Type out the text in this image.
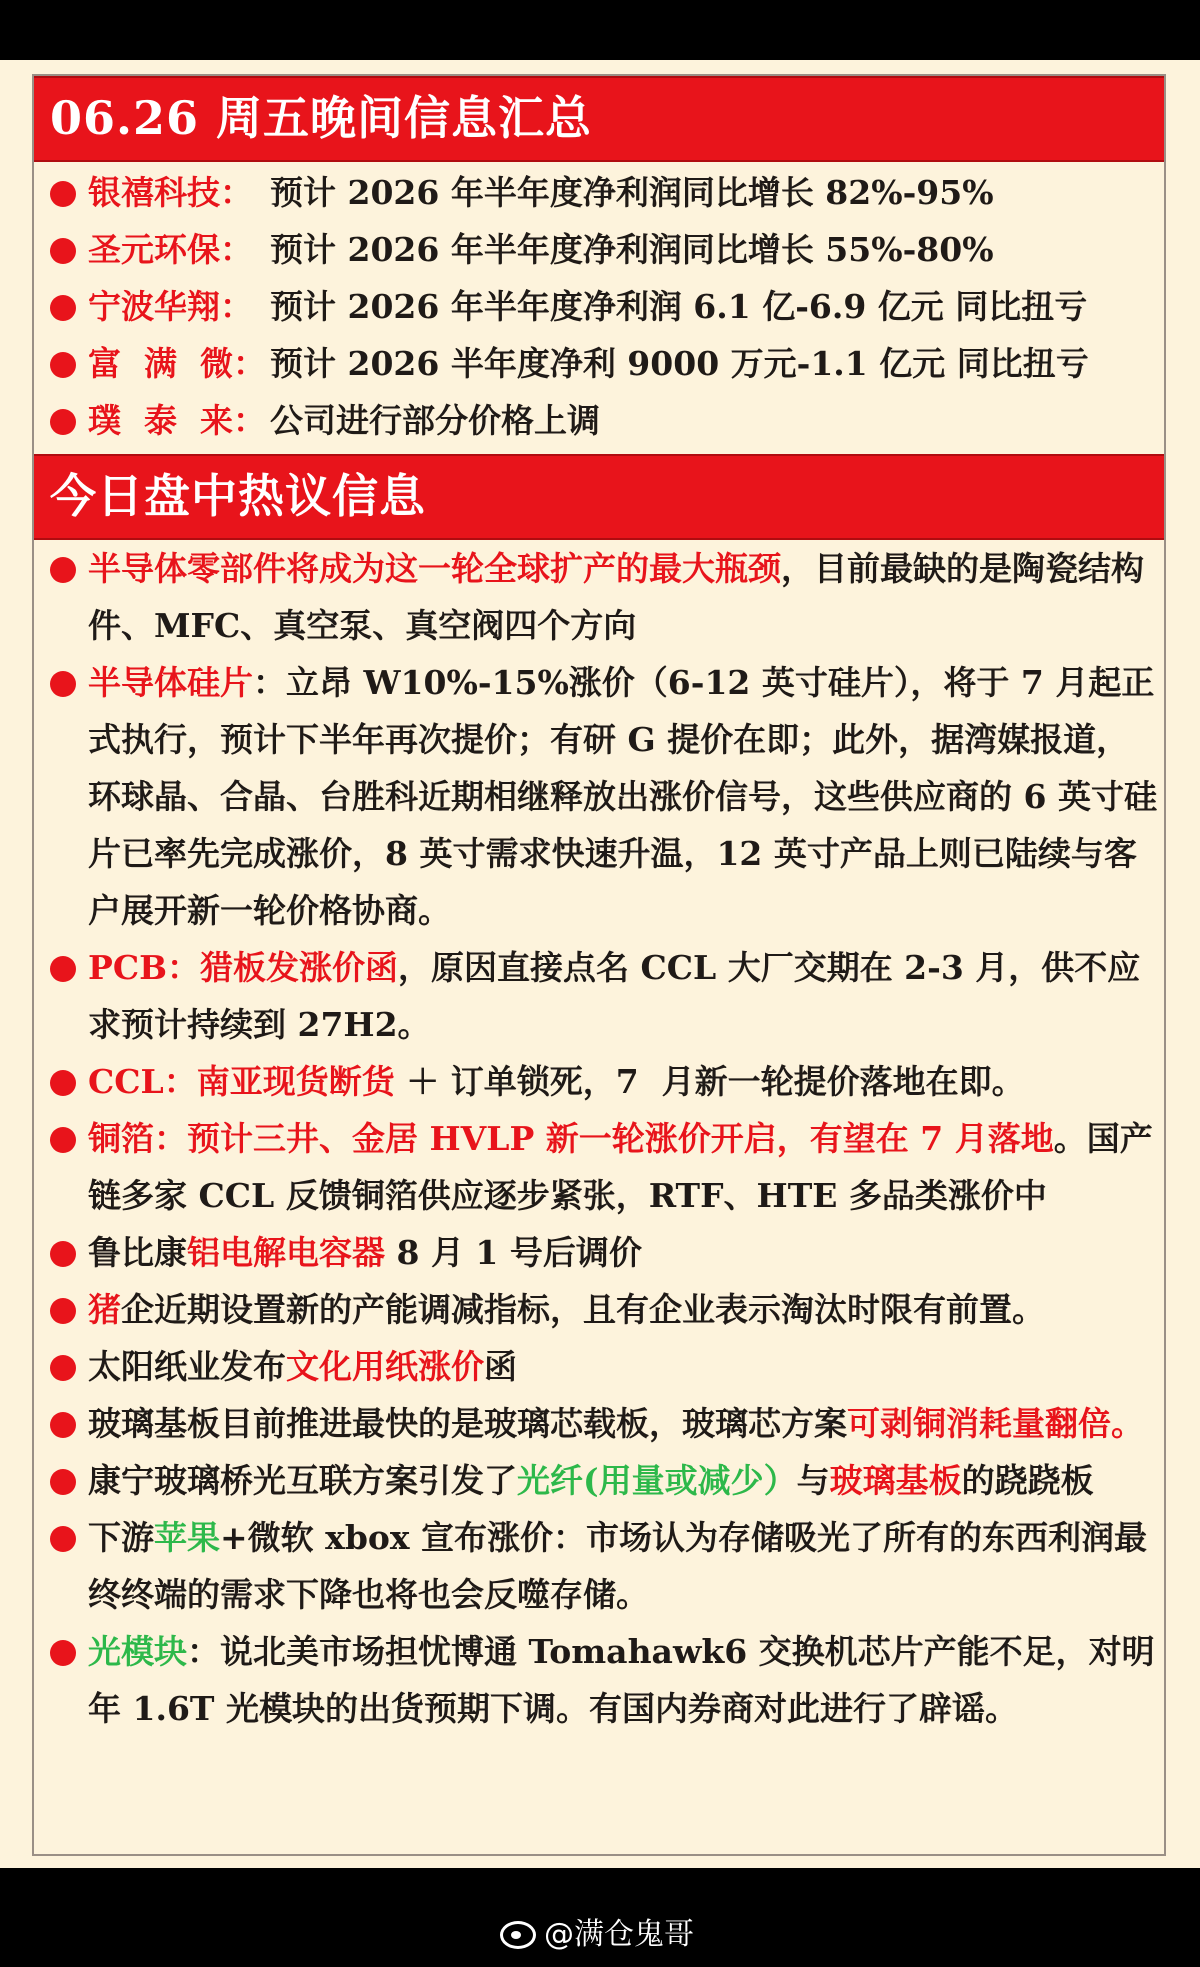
06.26 周五晚间信息汇总
银禧科技： 预计 2026 年半年度净利润同比增长 82%-95%
圣元环保： 预计 2026 年半年度净利润同比增长 55%-80%
宁波华翔： 预计 2026 年半年度净利润 6.1 亿-6.9 亿元 同比扭亏
富  满  微： 预计 2026 半年度净利 9000 万元-1.1 亿元 同比扭亏
璞  泰  来： 公司进行部分价格上调
今日盘中热议信息
半导体零部件将成为这一轮全球扩产的最大瓶颈，目前最缺的是陶瓷结构件、MFC、真空泵、真空阀四个方向
半导体硅片：立昂 W10%-15%涨价（6-12 英寸硅片），将于 7 月起正式执行，预计下半年再次提价；有研 G 提价在即；此外，据湾媒报道，环球晶、合晶、台胜科近期相继释放出涨价信号，这些供应商的 6 英寸硅片已率先完成涨价，8 英寸需求快速升温，12 英寸产品上则已陆续与客户展开新一轮价格协商。
PCB：猎板发涨价函，原因直接点名 CCL 大厂交期在 2-3 月，供不应求预计持续到 27H2。
CCL：南亚现货断货 ＋ 订单锁死，7  月新一轮提价落地在即。
铜箔：预计三井、金居 HVLP 新一轮涨价开启，有望在 7 月落地。国产链多家 CCL 反馈铜箔供应逐步紧张，RTF、HTE 多品类涨价中
鲁比康铝电解电容器 8 月 1 号后调价
猪企近期设置新的产能调减指标，且有企业表示淘汰时限有前置。
太阳纸业发布文化用纸涨价函
玻璃基板目前推进最快的是玻璃芯载板，玻璃芯方案可剥铜消耗量翻倍。
康宁玻璃桥光互联方案引发了光纤(用量或减少）与玻璃基板的跷跷板
下游苹果+微软 xbox 宣布涨价：市场认为存储吸光了所有的东西利润最终终端的需求下降也将也会反噬存储。
光模块：说北美市场担忧博通 Tomahawk6 交换机芯片产能不足，对明年 1.6T 光模块的出货预期下调。有国内券商对此进行了辟谣。
@满仓鬼哥
